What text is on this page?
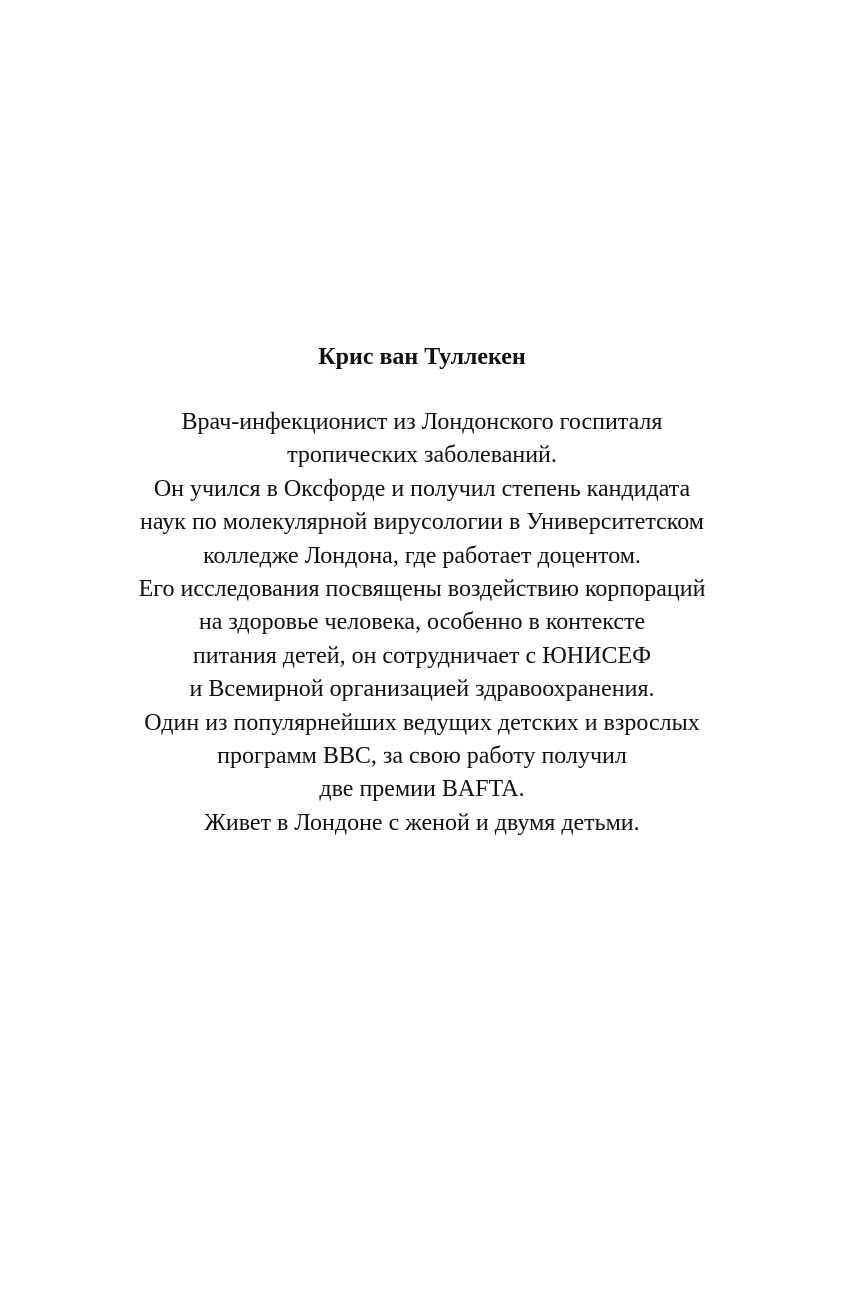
Крис ван Туллекен
Врач-инфекционист из Лондонского госпиталя
тропических заболеваний.
Он учился в Оксфорде и получил степень кандидата
наук по молекулярной вирусологии в Университетском
колледже Лондона, где работает доцентом.
Его исследования посвящены воздействию корпораций
на здоровье человека, особенно в контексте
питания детей, он сотрудничает с ЮНИСЕФ
и Всемирной организацией здравоохранения.
Один из популярнейших ведущих детских и взрослых
программ BBC, за свою работу получил
две премии BAFTA.
Живет в Лондоне с женой и двумя детьми.
